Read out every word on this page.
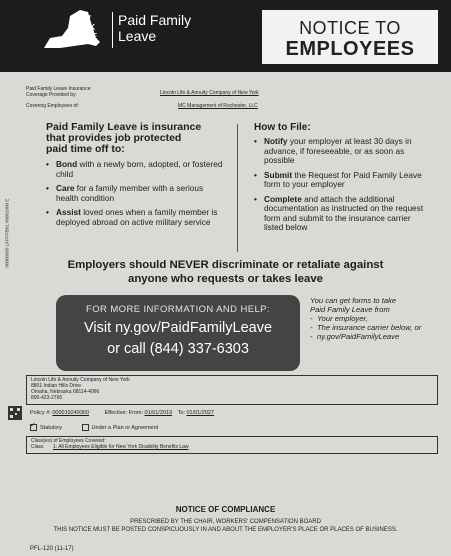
NEW
YORK
STATE
Paid Family
Leave	NOTICE TO
EMPLOYEES
Paid Family Leave Insurance
Coverage Provided by:	Lincoln Life & Annuity Company of New York
Covering Employees of:	MC Management of Rochester, LLC
00000969 LFPFPB01 00001000 E
Paid Family Leave is insurance
that provides job protected
paid time off to:
• Bond with a newly born, adopted, or fostered child
• Care for a family member with a serious health condition
• Assist loved ones when a family member is deployed abroad on active military service
How to File:
• Notify your employer at least 30 days in advance, if foreseeable, or as soon as possible
• Submit the Request for Paid Family Leave form to your employer
• Complete and attach the additional documentation as instructed on the request form and submit to the insurance carrier listed below
Employers should NEVER discriminate or retaliate against
anyone who requests or takes leave
FOR MORE INFORMATION AND HELP:
Visit ny.gov/PaidFamilyLeave
or call (844) 337-6303
You can get forms to take
Paid Family Leave from
- Your employer,
- The insurance carrier below, or
- ny.gov/PaidFamilyLeave
Lincoln Life & Annuity Company of New York
8801 Indian Hills Drive
Omaha, Nebraska 68114-4066
800-423-2765
Policy #: 000019249360	Effective: From: 01/01/2019 To: 01/01/2027
✓Statutory	Under a Plan or Agreement
Class(es) of Employees Covered:
Class 1: All Employees Eligible for New York Disability Benefits Law
NOTICE OF COMPLIANCE
PRESCRIBED BY THE CHAIR, WORKERS' COMPENSATION BOARD
THIS NOTICE MUST BE POSTED CONSPICUOUSLY IN AND ABOUT THE EMPLOYER'S PLACE OR PLACES OF BUSINESS.
PFL-120 (11-17)
